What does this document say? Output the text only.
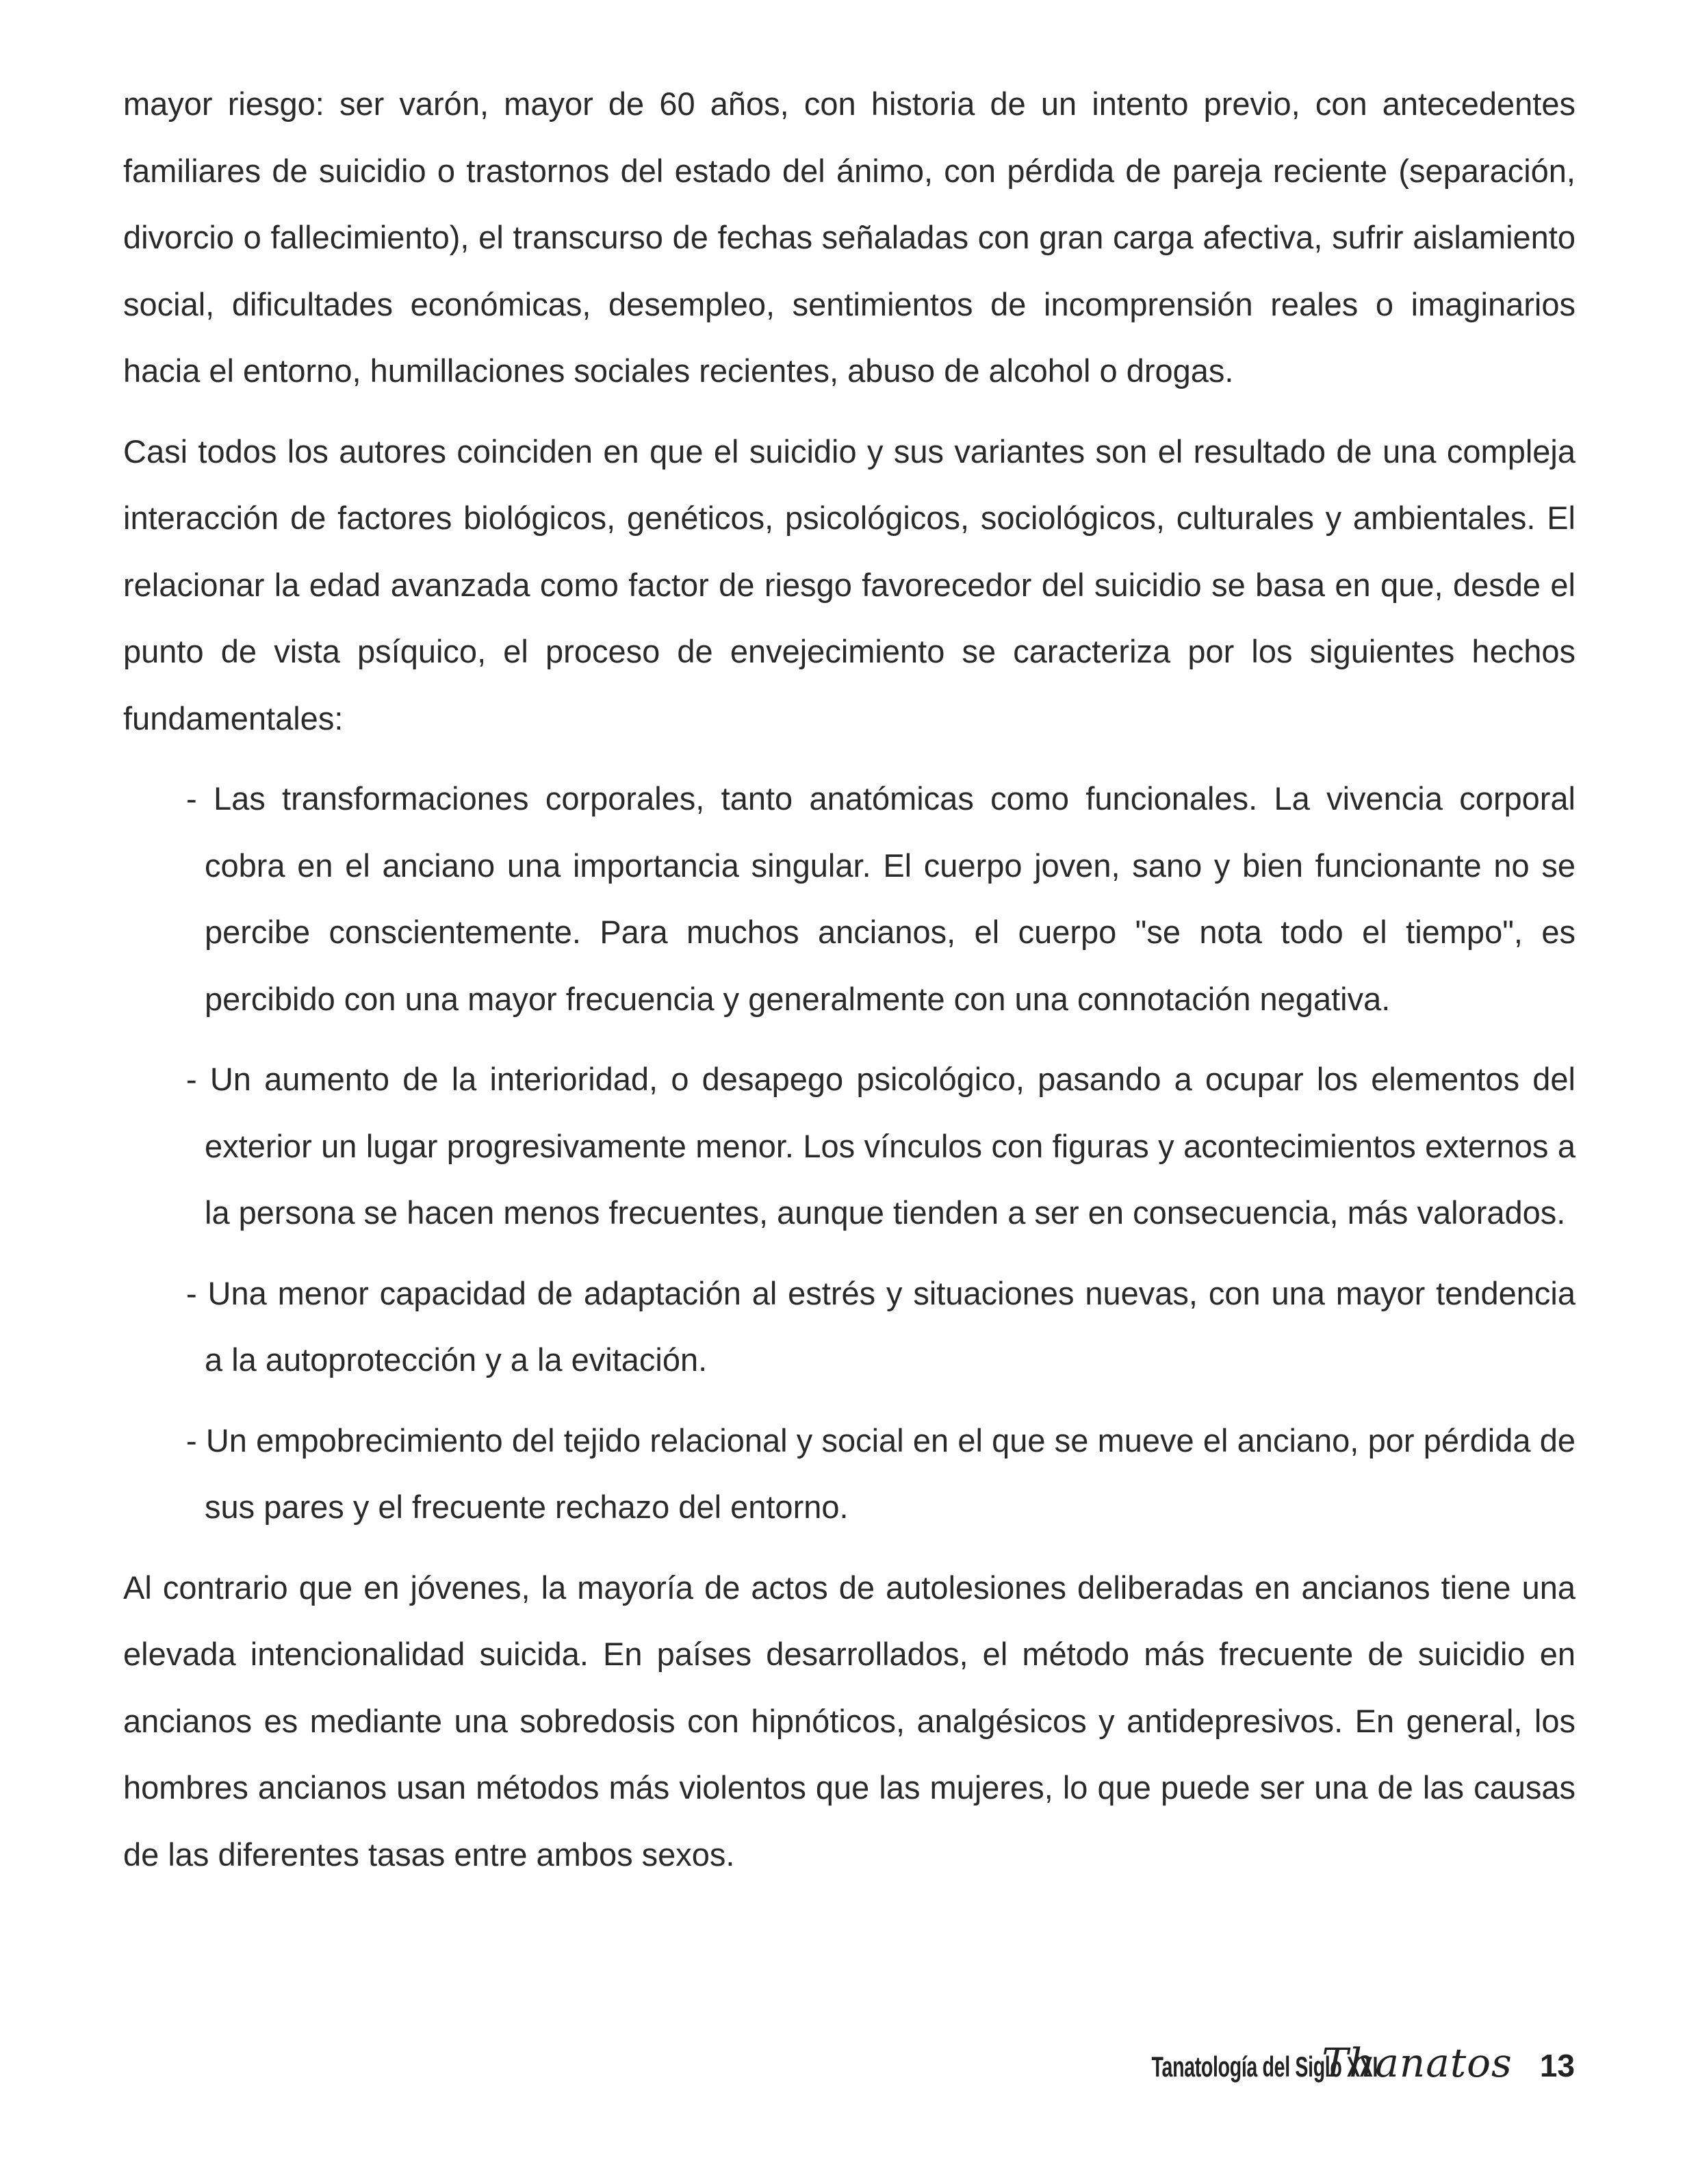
mayor riesgo: ser varón, mayor de 60 años, con historia de un intento previo, con antecedentes familiares de suicidio o trastornos del estado del ánimo, con pérdida de pareja reciente (separación, divorcio o fallecimiento), el transcurso de fechas señaladas con gran carga afectiva, sufrir aislamiento social, dificultades económicas, desempleo, sentimientos de incomprensión reales o imaginarios hacia el entorno, humillaciones sociales recientes, abuso de alcohol o drogas.

Casi todos los autores coinciden en que el suicidio y sus variantes son el resultado de una compleja interacción de factores biológicos, genéticos, psicológicos, sociológicos, culturales y ambientales. El relacionar la edad avanzada como factor de riesgo favorecedor del suicidio se basa en que, desde el punto de vista psíquico, el proceso de envejecimiento se caracteriza por los siguientes hechos fundamentales:

- Las transformaciones corporales, tanto anatómicas como funcionales. La vivencia corporal cobra en el anciano una importancia singular. El cuerpo joven, sano y bien funcionante no se percibe conscientemente. Para muchos ancianos, el cuerpo "se nota todo el tiempo", es percibido con una mayor frecuencia y generalmente con una connotación negativa.
- Un aumento de la interioridad, o desapego psicológico, pasando a ocupar los elementos del exterior un lugar progresivamente menor. Los vínculos con figuras y acontecimientos externos a la persona se hacen menos frecuentes, aunque tienden a ser en consecuencia, más valorados.
- Una menor capacidad de adaptación al estrés y situaciones nuevas, con una mayor tendencia a la autoprotección y a la evitación.
- Un empobrecimiento del tejido relacional y social en el que se mueve el anciano, por pérdida de sus pares y el frecuente rechazo del entorno.

Al contrario que en jóvenes, la mayoría de actos de autolesiones deliberadas en ancianos tiene una elevada intencionalidad suicida. En países desarrollados, el método más frecuente de suicidio en ancianos es mediante una sobredosis con hipnóticos, analgésicos y antidepresivos. En general, los hombres ancianos usan métodos más violentos que las mujeres, lo que puede ser una de las causas de las diferentes tasas entre ambos sexos.

Tanatología del Siglo XXI
Thanatos 13
